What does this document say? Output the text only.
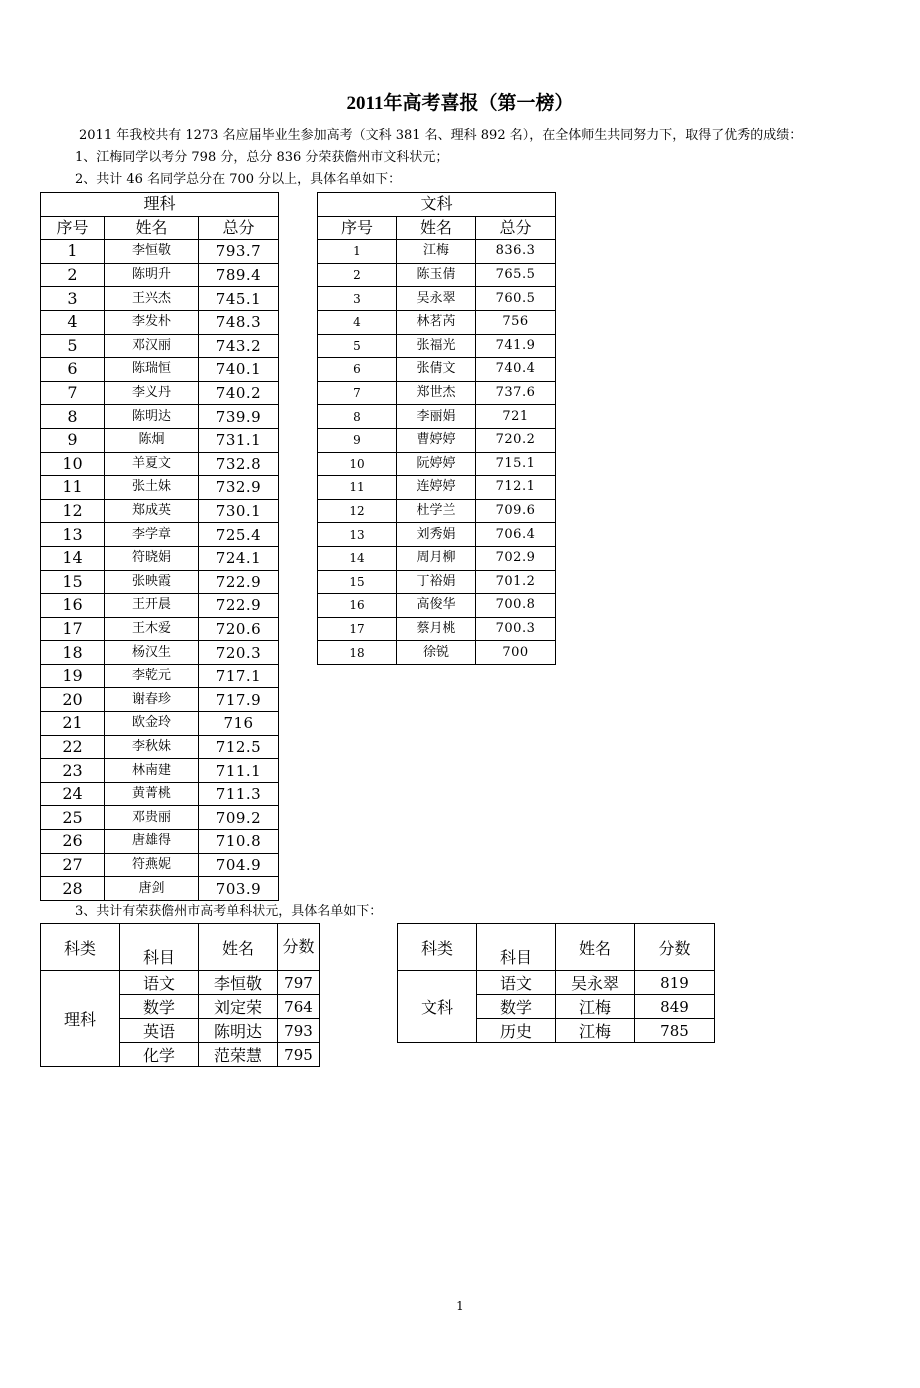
2011年高考喜报（第一榜）
2011 年我校共有 1273 名应届毕业生参加高考（文科 381 名、理科 892 名），在全体师生共同努力下，取得了优秀的成绩：
1、江梅同学以考分 798 分，总分 836 分荣获儋州市文科状元；
2、共计 46 名同学总分在 700 分以上，具体名单如下：
理科		
序号	姓名	总分
1	李恒敬	793.7
2	陈明升	789.4
3	王兴杰	745.1
4	李发朴	748.3
5	邓汉丽	743.2
6	陈瑞恒	740.1
7	李义丹	740.2
8	陈明达	739.9
9	陈炯	731.1
10	羊夏文	732.8
11	张土妹	732.9
12	郑成英	730.1
13	李学章	725.4
14	符晓娟	724.1
15	张映霞	722.9
16	王开晨	722.9
17	王木爱	720.6
18	杨汉生	720.3
19	李乾元	717.1
20	谢春珍	717.9
21	欧金玲	716
22	李秋妹	712.5
23	林南建	711.1
24	黄菁桃	711.3
25	邓贵丽	709.2
26	唐雄得	710.8
27	符燕妮	704.9
28	唐剑	703.9
文科		
序号	姓名	总分
1	江梅	836.3
2	陈玉倩	765.5
3	吴永翠	760.5
4	林茗芮	756
5	张福光	741.9
6	张倩文	740.4
7	郑世杰	737.6
8	李丽娟	721
9	曹婷婷	720.2
10	阮婷婷	715.1
11	连婷婷	712.1
12	杜学兰	709.6
13	刘秀娟	706.4
14	周月柳	702.9
15	丁裕娟	701.2
16	高俊华	700.8
17	蔡月桃	700.3
18	徐锐	700
3、共计有荣获儋州市高考单科状元，具体名单如下：
科类	科目	姓名	分数
理科	语文	李恒敬	797
	数学	刘定荣	764
	英语	陈明达	793
	化学	范荣慧	795
科类	科目	姓名	分数
文科	语文	吴永翠	819
	数学	江梅	849
	历史	江梅	785
1
